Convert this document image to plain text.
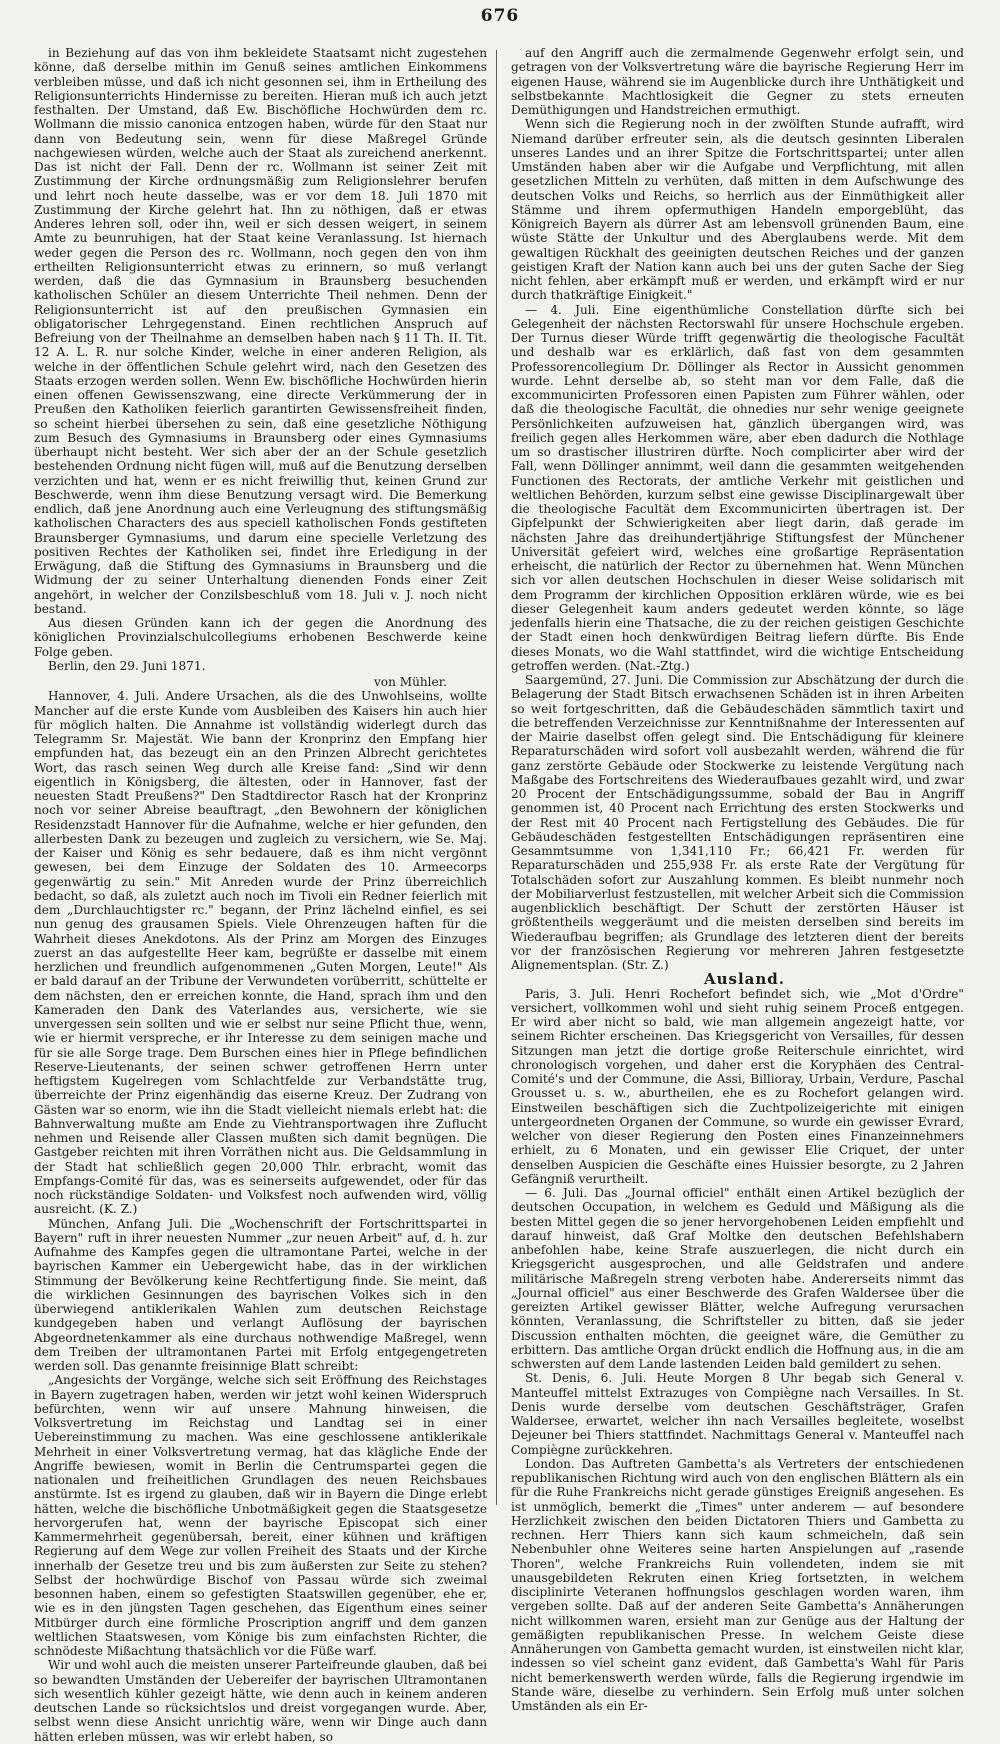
676

in Beziehung auf das von ihm bekleidete Staatsamt nicht zugestehen könne, daß derselbe mithin im Genuß seines amtlichen Einkommens verbleiben müsse, und daß ich nicht gesonnen sei, ihm in Ertheilung des Religionsunterrichts Hindernisse zu bereiten. Hieran muß ich auch jetzt festhalten. Der Umstand, daß Ew. Bischöfliche Hochwürden dem rc. Wollmann die missio canonica entzogen haben, würde für den Staat nur dann von Bedeutung sein, wenn für diese Maßregel Gründe nachgewiesen würden, welche auch der Staat als zureichend anerkennt. Das ist nicht der Fall. Denn der rc. Wollmann ist seiner Zeit mit Zustimmung der Kirche ordnungsmäßig zum Religionslehrer berufen und lehrt noch heute dasselbe, was er vor dem 18. Juli 1870 mit Zustimmung der Kirche gelehrt hat. Ihn zu nöthigen, daß er etwas Anderes lehren soll, oder ihn, weil er sich dessen weigert, in seinem Amte zu beunruhigen, hat der Staat keine Veranlassung. Ist hiernach weder gegen die Person des rc. Wollmann, noch gegen den von ihm ertheilten Religionsunterricht etwas zu erinnern, so muß verlangt werden, daß die das Gymnasium in Braunsberg besuchenden katholischen Schüler an diesem Unterrichte Theil nehmen. Denn der Religionsunterricht ist auf den preußischen Gymnasien ein obligatorischer Lehrgegenstand. Einen rechtlichen Anspruch auf Befreiung von der Theilnahme an demselben haben nach § 11 Th. II. Tit. 12 A. L. R. nur solche Kinder, welche in einer anderen Religion, als welche in der öffentlichen Schule gelehrt wird, nach den Gesetzen des Staats erzogen werden sollen. Wenn Ew. bischöfliche Hochwürden hierin einen offenen Gewissenszwang, eine directe Verkümmerung der in Preußen den Katholiken feierlich garantirten Gewissensfreiheit finden, so scheint hierbei übersehen zu sein, daß eine gesetzliche Nöthigung zum Besuch des Gymnasiums in Braunsberg oder eines Gymnasiums überhaupt nicht besteht. Wer sich aber der an der Schule gesetzlich bestehenden Ordnung nicht fügen will, muß auf die Benutzung derselben verzichten und hat, wenn er es nicht freiwillig thut, keinen Grund zur Beschwerde, wenn ihm diese Benutzung versagt wird. Die Bemerkung endlich, daß jene Anordnung auch eine Verleugnung des stiftungsmäßig katholischen Characters des aus speciell katholischen Fonds gestifteten Braunsberger Gymnasiums, und darum eine specielle Verletzung des positiven Rechtes der Katholiken sei, findet ihre Erledigung in der Erwägung, daß die Stiftung des Gymnasiums in Braunsberg und die Widmung der zu seiner Unterhaltung dienenden Fonds einer Zeit angehört, in welcher der Conzilsbeschluß vom 18. Juli v. J. noch nicht bestand.

Aus diesen Gründen kann ich der gegen die Anordnung des königlichen Provinzialschulcollegiums erhobenen Beschwerde keine Folge geben.

Berlin, den 29. Juni 1871.

von Mühler.

Hannover, 4. Juli. Andere Ursachen, als die des Unwohlseins, wollte Mancher auf die erste Kunde vom Ausbleiben des Kaisers hin auch hier für möglich halten. Die Annahme ist vollständig widerlegt durch das Telegramm Sr. Majestät. Wie bann der Kronprinz den Empfang hier empfunden hat, das bezeugt ein an den Prinzen Albrecht gerichtetes Wort, das rasch seinen Weg durch alle Kreise fand: „Sind wir denn eigentlich in Königsberg, die ältesten, oder in Hannover, fast der neuesten Stadt Preußens?" Den Stadtdirector Rasch hat der Kronprinz noch vor seiner Abreise beauftragt, „den Bewohnern der königlichen Residenzstadt Hannover für die Aufnahme, welche er hier gefunden, den allerbesten Dank zu bezeugen und zugleich zu versichern, wie Se. Maj. der Kaiser und König es sehr bedauere, daß es ihm nicht vergönnt gewesen, bei dem Einzuge der Soldaten des 10. Armeecorps gegenwärtig zu sein." Mit Anreden wurde der Prinz überreichlich bedacht, so daß, als zuletzt auch noch im Tivoli ein Redner feierlich mit dem „Durchlauchtigster rc." begann, der Prinz lächelnd einfiel, es sei nun genug des grausamen Spiels. Viele Ohrenzeugen haften für die Wahrheit dieses Anekdotons. Als der Prinz am Morgen des Einzuges zuerst an das aufgestellte Heer kam, begrüßte er dasselbe mit einem herzlichen und freundlich aufgenommenen „Guten Morgen, Leute!" Als er bald darauf an der Tribune der Verwundeten vorüberritt, schüttelte er dem nächsten, den er erreichen konnte, die Hand, sprach ihm und den Kameraden den Dank des Vaterlandes aus, versicherte, wie sie unvergessen sein sollten und wie er selbst nur seine Pflicht thue, wenn, wie er hiermit verspreche, er ihr Interesse zu dem seinigen mache und für sie alle Sorge trage. Dem Burschen eines hier in Pflege befindlichen Reserve-Lieutenants, der seinen schwer getroffenen Herrn unter heftigstem Kugelregen vom Schlachtfelde zur Verbandstätte trug, überreichte der Prinz eigenhändig das eiserne Kreuz. Der Zudrang von Gästen war so enorm, wie ihn die Stadt vielleicht niemals erlebt hat: die Bahnverwaltung mußte am Ende zu Viehtransportwagen ihre Zuflucht nehmen und Reisende aller Classen mußten sich damit begnügen. Die Gastgeber reichten mit ihren Vorräthen nicht aus. Die Geldsammlung in der Stadt hat schließlich gegen 20,000 Thlr. erbracht, womit das Empfangs-Comité für das, was es seinerseits aufgewendet, oder für das noch rückständige Soldaten- und Volksfest noch aufwenden wird, völlig ausreicht. (K. Z.)

München, Anfang Juli. Die „Wochenschrift der Fortschrittspartei in Bayern" ruft in ihrer neuesten Nummer „zur neuen Arbeit" auf, d. h. zur Aufnahme des Kampfes gegen die ultramontane Partei, welche in der bayrischen Kammer ein Uebergewicht habe, das in der wirklichen Stimmung der Bevölkerung keine Rechtfertigung finde. Sie meint, daß die wirklichen Gesinnungen des bayrischen Volkes sich in den überwiegend antiklerikalen Wahlen zum deutschen Reichstage kundgegeben haben und verlangt Auflösung der bayrischen Abgeordnetenkammer als eine durchaus nothwendige Maßregel, wenn dem Treiben der ultramontanen Partei mit Erfolg entgegengetreten werden soll. Das genannte freisinnige Blatt schreibt:

„Angesichts der Vorgänge, welche sich seit Eröffnung des Reichstages in Bayern zugetragen haben, werden wir jetzt wohl keinen Widerspruch befürchten, wenn wir auf unsere Mahnung hinweisen, die Volksvertretung im Reichstag und Landtag sei in einer Uebereinstimmung zu machen. Was eine geschlossene antiklerikale Mehrheit in einer Volksvertretung vermag, hat das klägliche Ende der Angriffe bewiesen, womit in Berlin die Centrumspartei gegen die nationalen und freiheitlichen Grundlagen des neuen Reichsbaues anstürmte. Ist es irgend zu glauben, daß wir in Bayern die Dinge erlebt hätten, welche die bischöfliche Unbotmäßigkeit gegen die Staatsgesetze hervorgerufen hat, wenn der bayrische Episcopat sich einer Kammermehrheit gegenübersah, bereit, einer kühnen und kräftigen Regierung auf dem Wege zur vollen Freiheit des Staats und der Kirche innerhalb der Gesetze treu und bis zum äußersten zur Seite zu stehen? Selbst der hochwürdige Bischof von Passau würde sich zweimal besonnen haben, einem so gefestigten Staatswillen gegenüber, ehe er, wie es in den jüngsten Tagen geschehen, das Eigenthum eines seiner Mitbürger durch eine förmliche Proscription angriff und dem ganzen weltlichen Staatswesen, vom Könige bis zum einfachsten Richter, die schnödeste Mißachtung thatsächlich vor die Füße warf.

Wir und wohl auch die meisten unserer Parteifreunde glauben, daß bei so bewandten Umständen der Uebereifer der bayrischen Ultramontanen sich wesentlich kühler gezeigt hätte, wie denn auch in keinem anderen deutschen Lande so rücksichtslos und dreist vorgegangen wurde. Aber, selbst wenn diese Ansicht unrichtig wäre, wenn wir Dinge auch dann hätten erleben müssen, was wir erlebt haben, so

auf den Angriff auch die zermalmende Gegenwehr erfolgt sein, und getragen von der Volksvertretung wäre die bayrische Regierung Herr im eigenen Hause, während sie im Augenblicke durch ihre Unthätigkeit und selbstbekannte Machtlosigkeit die Gegner zu stets erneuten Demüthigungen und Handstreichen ermuthigt.

Wenn sich die Regierung noch in der zwölften Stunde aufrafft, wird Niemand darüber erfreuter sein, als die deutsch gesinnten Liberalen unseres Landes und an ihrer Spitze die Fortschrittspartei; unter allen Umständen haben aber wir die Aufgabe und Verpflichtung, mit allen gesetzlichen Mitteln zu verhüten, daß mitten in dem Aufschwunge des deutschen Volks und Reichs, so herrlich aus der Einmüthigkeit aller Stämme und ihrem opfermuthigen Handeln emporgeblüht, das Königreich Bayern als dürrer Ast am lebensvoll grünenden Baum, eine wüste Stätte der Unkultur und des Aberglaubens werde. Mit dem gewaltigen Rückhalt des geeinigten deutschen Reiches und der ganzen geistigen Kraft der Nation kann auch bei uns der guten Sache der Sieg nicht fehlen, aber erkämpft muß er werden, und erkämpft wird er nur durch thatkräftige Einigkeit."

— 4. Juli. Eine eigenthümliche Constellation dürfte sich bei Gelegenheit der nächsten Rectorswahl für unsere Hochschule ergeben. Der Turnus dieser Würde trifft gegenwärtig die theologische Facultät und deshalb war es erklärlich, daß fast von dem gesammten Professorencollegium Dr. Döllinger als Rector in Aussicht genommen wurde. Lehnt derselbe ab, so steht man vor dem Falle, daß die excommunicirten Professoren einen Papisten zum Führer wählen, oder daß die theologische Facultät, die ohnedies nur sehr wenige geeignete Persönlichkeiten aufzuweisen hat, gänzlich übergangen wird, was freilich gegen alles Herkommen wäre, aber eben dadurch die Nothlage um so drastischer illustriren dürfte. Noch complicirter aber wird der Fall, wenn Döllinger annimmt, weil dann die gesammten weitgehenden Functionen des Rectorats, der amtliche Verkehr mit geistlichen und weltlichen Behörden, kurzum selbst eine gewisse Disciplinargewalt über die theologische Facultät dem Excommunicirten übertragen ist. Der Gipfelpunkt der Schwierigkeiten aber liegt darin, daß gerade im nächsten Jahre das dreihundertjährige Stiftungsfest der Münchener Universität gefeiert wird, welches eine großartige Repräsentation erheischt, die natürlich der Rector zu übernehmen hat. Wenn München sich vor allen deutschen Hochschulen in dieser Weise solidarisch mit dem Programm der kirchlichen Opposition erklären würde, wie es bei dieser Gelegenheit kaum anders gedeutet werden könnte, so läge jedenfalls hierin eine Thatsache, die zu der reichen geistigen Geschichte der Stadt einen hoch denkwürdigen Beitrag liefern dürfte. Bis Ende dieses Monats, wo die Wahl stattfindet, wird die wichtige Entscheidung getroffen werden. (Nat.-Ztg.)

Saargemünd, 27. Juni. Die Commission zur Abschätzung der durch die Belagerung der Stadt Bitsch erwachsenen Schäden ist in ihren Arbeiten so weit fortgeschritten, daß die Gebäudeschäden sämmtlich taxirt und die betreffenden Verzeichnisse zur Kenntnißnahme der Interessenten auf der Mairie daselbst offen gelegt sind. Die Entschädigung für kleinere Reparaturschäden wird sofort voll ausbezahlt werden, während die für ganz zerstörte Gebäude oder Stockwerke zu leistende Vergütung nach Maßgabe des Fortschreitens des Wiederaufbaues gezahlt wird, und zwar 20 Procent der Entschädigungssumme, sobald der Bau in Angriff genommen ist, 40 Procent nach Errichtung des ersten Stockwerks und der Rest mit 40 Procent nach Fertigstellung des Gebäudes. Die für Gebäudeschäden festgestellten Entschädigungen repräsentiren eine Gesammtsumme von 1,341,110 Fr.; 66,421 Fr. werden für Reparaturschäden und 255,938 Fr. als erste Rate der Vergütung für Totalschäden sofort zur Auszahlung kommen. Es bleibt nunmehr noch der Mobiliarverlust festzustellen, mit welcher Arbeit sich die Commission augenblicklich beschäftigt. Der Schutt der zerstörten Häuser ist größtentheils weggeräumt und die meisten derselben sind bereits im Wiederaufbau begriffen; als Grundlage des letzteren dient der bereits vor der französischen Regierung vor mehreren Jahren festgesetzte Alignementsplan. (Str. Z.)

Ausland.

Paris, 3. Juli. Henri Rochefort befindet sich, wie „Mot d'Ordre" versichert, vollkommen wohl und sieht ruhig seinem Proceß entgegen. Er wird aber nicht so bald, wie man allgemein angezeigt hatte, vor seinem Richter erscheinen. Das Kriegsgericht von Versailles, für dessen Sitzungen man jetzt die dortige große Reiterschule einrichtet, wird chronologisch vorgehen, und daher erst die Koryphäen des Central-Comité's und der Commune, die Assi, Billioray, Urbain, Verdure, Paschal Grousset u. s. w., aburtheilen, ehe es zu Rochefort gelangen wird. Einstweilen beschäftigen sich die Zuchtpolizeigerichte mit einigen untergeordneten Organen der Commune, so wurde ein gewisser Evrard, welcher von dieser Regierung den Posten eines Finanzeinnehmers erhielt, zu 6 Monaten, und ein gewisser Elie Criquet, der unter denselben Auspicien die Geschäfte eines Huissier besorgte, zu 2 Jahren Gefängniß verurtheilt.

— 6. Juli. Das „Journal officiel" enthält einen Artikel bezüglich der deutschen Occupation, in welchem es Geduld und Mäßigung als die besten Mittel gegen die so jener hervorgehobenen Leiden empfiehlt und darauf hinweist, daß Graf Moltke den deutschen Befehlshabern anbefohlen habe, keine Strafe auszuerlegen, die nicht durch ein Kriegsgericht ausgesprochen, und alle Geldstrafen und andere militärische Maßregeln streng verboten habe. Andererseits nimmt das „Journal officiel" aus einer Beschwerde des Grafen Waldersee über die gereizten Artikel gewisser Blätter, welche Aufregung verursachen könnten, Veranlassung, die Schriftsteller zu bitten, daß sie jeder Discussion enthalten möchten, die geeignet wäre, die Gemüther zu erbittern. Das amtliche Organ drückt endlich die Hoffnung aus, in die am schwersten auf dem Lande lastenden Leiden bald gemildert zu sehen.

St. Denis, 6. Juli. Heute Morgen 8 Uhr begab sich General v. Manteuffel mittelst Extrazuges von Compiègne nach Versailles. In St. Denis wurde derselbe vom deutschen Geschäftsträger, Grafen Waldersee, erwartet, welcher ihn nach Versailles begleitete, woselbst Dejeuner bei Thiers stattfindet. Nachmittags General v. Manteuffel nach Compiègne zurückkehren.

London. Das Auftreten Gambetta's als Vertreters der entschiedenen republikanischen Richtung wird auch von den englischen Blättern als ein für die Ruhe Frankreichs nicht gerade günstiges Ereigniß angesehen. Es ist unmöglich, bemerkt die „Times" unter anderem — auf besondere Herzlichkeit zwischen den beiden Dictatoren Thiers und Gambetta zu rechnen. Herr Thiers kann sich kaum schmeicheln, daß sein Nebenbuhler ohne Weiteres seine harten Anspielungen auf „rasende Thoren", welche Frankreichs Ruin vollendeten, indem sie mit unausgebildeten Rekruten einen Krieg fortsetzten, in welchem disciplinirte Veteranen hoffnungslos geschlagen worden waren, ihm vergeben sollte. Daß auf der anderen Seite Gambetta's Annäherungen nicht willkommen waren, ersieht man zur Genüge aus der Haltung der gemäßigten republikanischen Presse. In welchem Geiste diese Annäherungen von Gambetta gemacht wurden, ist einstweilen nicht klar, indessen so viel scheint ganz evident, daß Gambetta's Wahl für Paris nicht bemerkenswerth werden würde, falls die Regierung irgendwie im Stande wäre, dieselbe zu verhindern. Sein Erfolg muß unter solchen Umständen als ein Er-
